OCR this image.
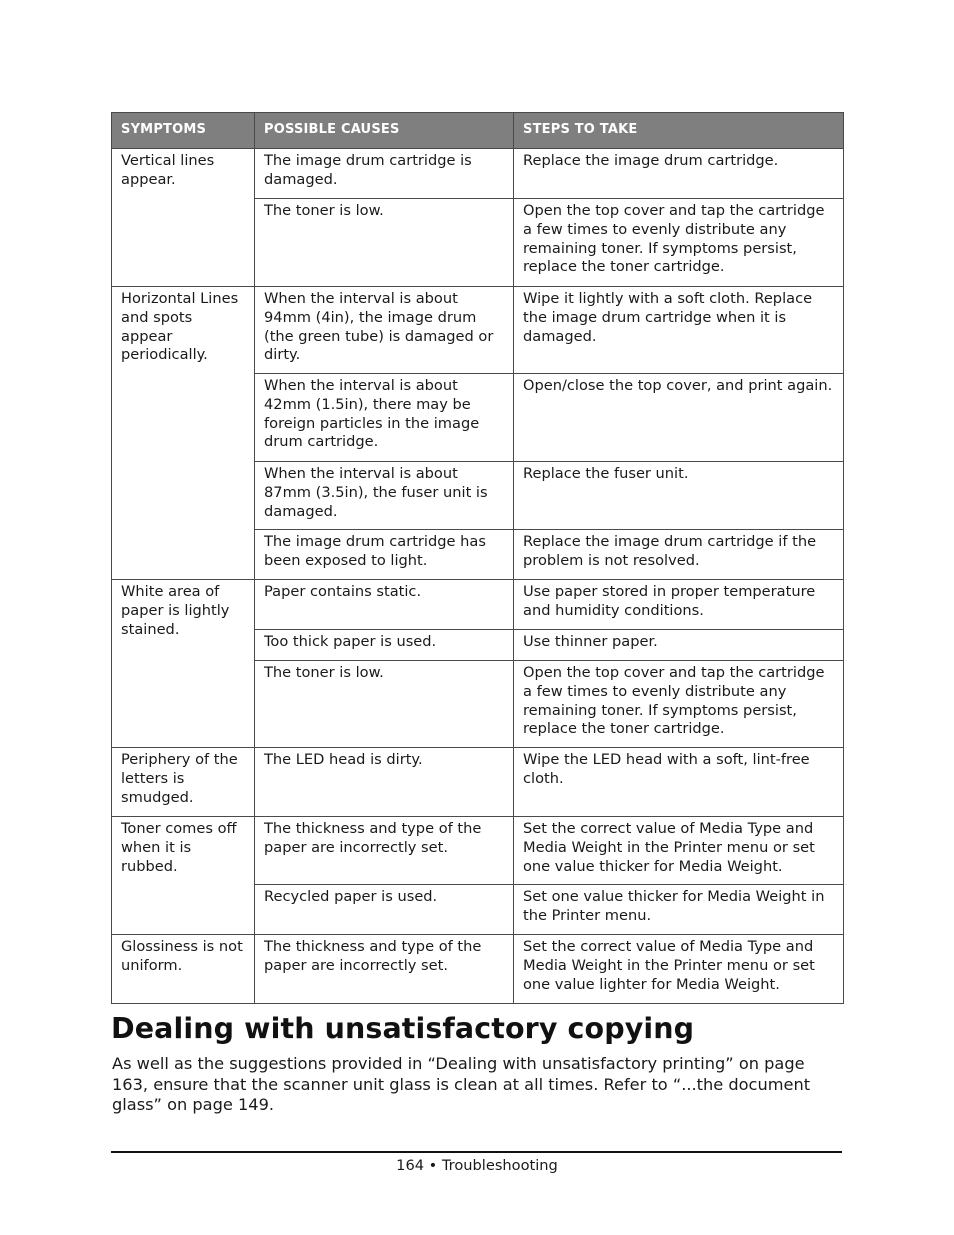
SYMPTOMS	POSSIBLE CAUSES	STEPS TO TAKE
Vertical lines appear.	The image drum cartridge is damaged.	Replace the image drum cartridge.
	The toner is low.	Open the top cover and tap the cartridge a few times to evenly distribute any remaining toner. If symptoms persist, replace the toner cartridge.
Horizontal Lines and spots appear periodically.	When the interval is about 94mm (4in), the image drum (the green tube) is damaged or dirty.	Wipe it lightly with a soft cloth. Replace the image drum cartridge when it is damaged.
	When the interval is about 42mm (1.5in), there may be foreign particles in the image drum cartridge.	Open/close the top cover, and print again.
	When the interval is about 87mm (3.5in), the fuser unit is damaged.	Replace the fuser unit.
	The image drum cartridge has been exposed to light.	Replace the image drum cartridge if the problem is not resolved.
White area of paper is lightly stained.	Paper contains static.	Use paper stored in proper temperature and humidity conditions.
	Too thick paper is used.	Use thinner paper.
	The toner is low.	Open the top cover and tap the cartridge a few times to evenly distribute any remaining toner. If symptoms persist, replace the toner cartridge.
Periphery of the letters is smudged.	The LED head is dirty.	Wipe the LED head with a soft, lint-free cloth.
Toner comes off when it is rubbed.	The thickness and type of the paper are incorrectly set.	Set the correct value of Media Type and Media Weight in the Printer menu or set one value thicker for Media Weight.
	Recycled paper is used.	Set one value thicker for Media Weight in the Printer menu.
Glossiness is not uniform.	The thickness and type of the paper are incorrectly set.	Set the correct value of Media Type and Media Weight in the Printer menu or set one value lighter for Media Weight.
Dealing with unsatisfactory copying

As well as the suggestions provided in “Dealing with unsatisfactory printing” on page 163, ensure that the scanner unit glass is clean at all times. Refer to “...the document glass” on page 149.

164 • Troubleshooting
